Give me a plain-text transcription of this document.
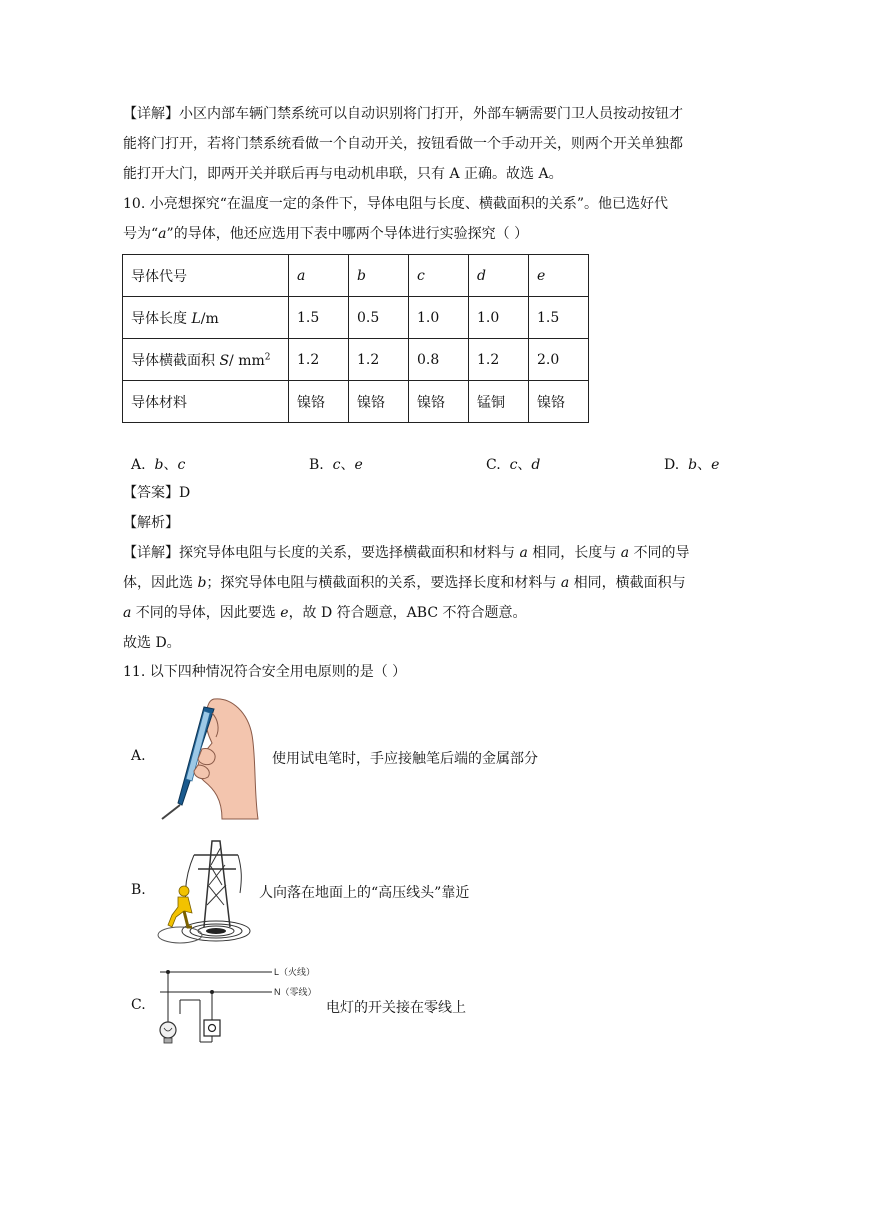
【详解】小区内部车辆门禁系统可以自动识别将门打开，外部车辆需要门卫人员按动按钮才
能将门打开，若将门禁系统看做一个自动开关，按钮看做一个手动开关，则两个开关单独都
能打开大门，即两开关并联后再与电动机串联，只有 A 正确。故选 A。
10. 小亮想探究“在温度一定的条件下，导体电阻与长度、横截面积的关系”。他已选好代
号为“a”的导体，他还应选用下表中哪两个导体进行实验探究（ ）
导体代号	a	b	c	d	e
导体长度 L/m	1.5	0.5	1.0	1.0	1.5
导体横截面积 S/ $mm^2$	1.2	1.2	0.8	1.2	2.0
导体材料	镍铬	镍铬	镍铬	锰铜	镍铬
A. b、c	B. c、e	C. c、d	D. b、e
【答案】D
【解析】
【详解】探究导体电阻与长度的关系，要选择横截面积和材料与 a 相同，长度与 a 不同的导
体，因此选 b；探究导体电阻与横截面积的关系，要选择长度和材料与 a 相同，横截面积与
a 不同的导体，因此要选 e，故 D 符合题意，ABC 不符合题意。
故选 D。
11. 以下四种情况符合安全用电原则的是（ ）
A.	使用试电笔时，手应接触笔后端的金属部分
B.	人向落在地面上的“高压线头”靠近
C.
L（火线）
N（零线）
电灯的开关接在零线上
